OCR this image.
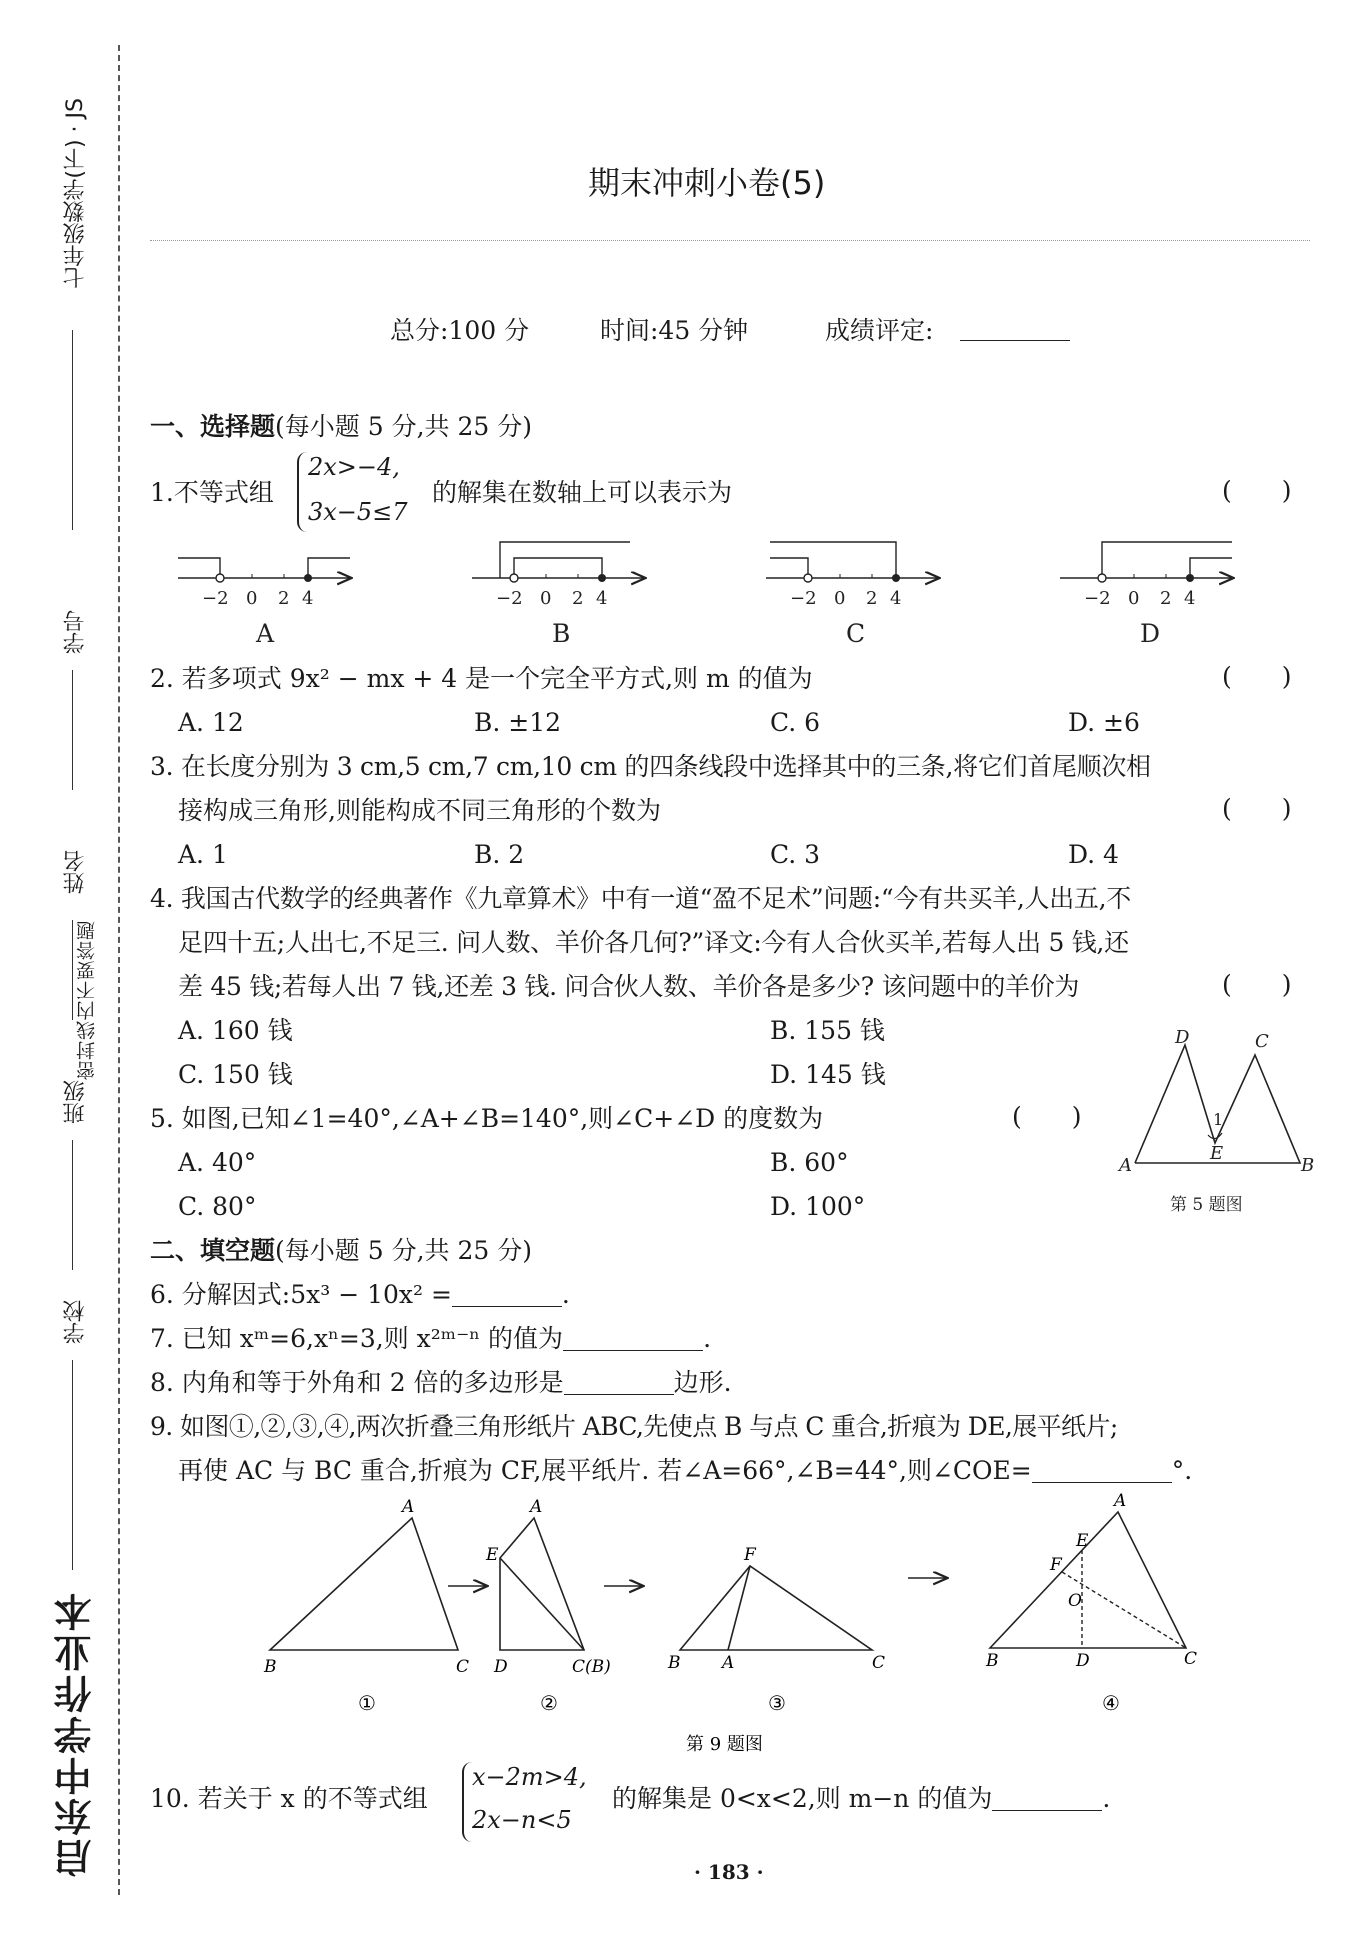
七年级数学(下) · JS
学号
姓名
班级
学校
密封线内不要答题
启东中学作业本
期末冲刺小卷(5)
总分:100 分	时间:45 分钟	成绩评定:
一、选择题(每小题 5 分,共 25 分)
1.不等式组
2x>−4,
3x−5≤7
的解集在数轴上可以表示为	(　　)
−2 0 2 4	−2 0 2 4	−2 0 2 4	−2 0 2 4
A	B	C	D
2. 若多项式 9x² − mx + 4 是一个完全平方式,则 m 的值为	(　　)
A. 12	B. ±12	C. 6	D. ±6
3. 在长度分别为 3 cm,5 cm,7 cm,10 cm 的四条线段中选择其中的三条,将它们首尾顺次相
接构成三角形,则能构成不同三角形的个数为	(　　)
A. 1	B. 2	C. 3	D. 4
4. 我国古代数学的经典著作《九章算术》中有一道“盈不足术”问题:“今有共买羊,人出五,不
足四十五;人出七,不足三. 问人数、羊价各几何?”译文:今有人合伙买羊,若每人出 5 钱,还
差 45 钱;若每人出 7 钱,还差 3 钱. 问合伙人数、羊价各是多少? 该问题中的羊价为	(　　)
A. 160 钱	B. 155 钱
C. 150 钱	D. 145 钱
D	C
A	B
E
1
第 5 题图
5. 如图,已知∠1=40°,∠A+∠B=140°,则∠C+∠D 的度数为	(　　)
A. 40°	B. 60°
C. 80°	D. 100°
二、填空题(每小题 5 分,共 25 分)
6. 分解因式:5x³ − 10x² =	.
7. 已知 xᵐ=6,xⁿ=3,则 x²ᵐ⁻ⁿ 的值为	.
8. 内角和等于外角和 2 倍的多边形是	边形.
9. 如图①,②,③,④,两次折叠三角形纸片 ABC,先使点 B 与点 C 重合,折痕为 DE,展平纸片;
再使 AC 与 BC 重合,折痕为 CF,展平纸片. 若∠A=66°,∠B=44°,则∠COE=	°.
A
B	C
①
A
E
D	C(B)
②
F
B A	C
③
A
E
F
O
B	D	C
④
第 9 题图
10. 若关于 x 的不等式组
x−2m>4,
2x−n<5
的解集是 0<x<2,则 m−n 的值为	.
· 183 ·
